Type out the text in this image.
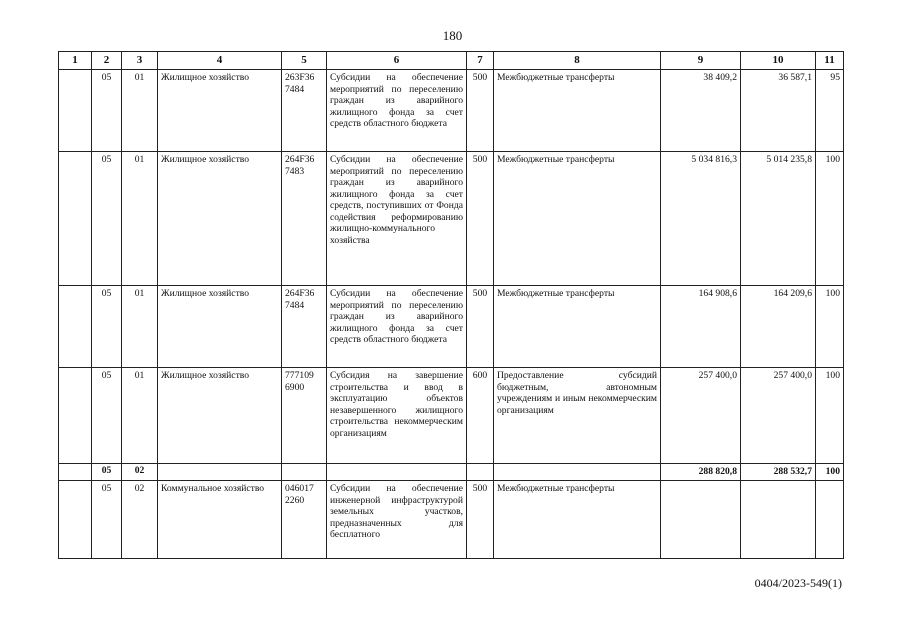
180
1	2	3	4	5	6	7	8	9	10	11
	05	01	Жилищное хозяйство	263F36 7484	Субсидии на обеспечение мероприятий по переселению граждан из аварийного жилищного фонда за счет средств областного бюджета	500	Межбюджетные трансферты	38 409,2	36 587,1	95
	05	01	Жилищное хозяйство	264F36 7483	Субсидии на обеспечение мероприятий по переселению граждан из аварийного жилищного фонда за счет средств, поступивших от Фонда содействия реформированию жилищно-коммунального хозяйства	500	Межбюджетные трансферты	5 034 816,3	5 014 235,8	100
	05	01	Жилищное хозяйство	264F36 7484	Субсидии на обеспечение мероприятий по переселению граждан из аварийного жилищного фонда за счет средств областного бюджета	500	Межбюджетные трансферты	164 908,6	164 209,6	100
	05	01	Жилищное хозяйство	777109 6900	Субсидия на завершение строительства и ввод в эксплуатацию объектов незавершенного жилищного строительства некоммерческим организациям	600	Предоставление субсидий бюджетным, автономным учреждениям и иным некоммерческим организациям	257 400,0	257 400,0	100
	05	02						288 820,8	288 532,7	100
	05	02	Коммунальное хозяйство	046017 2260	Субсидии на обеспечение инженерной инфраструктурой земельных участков, предназначенных для бесплатного	500	Межбюджетные трансферты			
0404/2023-549(1)
